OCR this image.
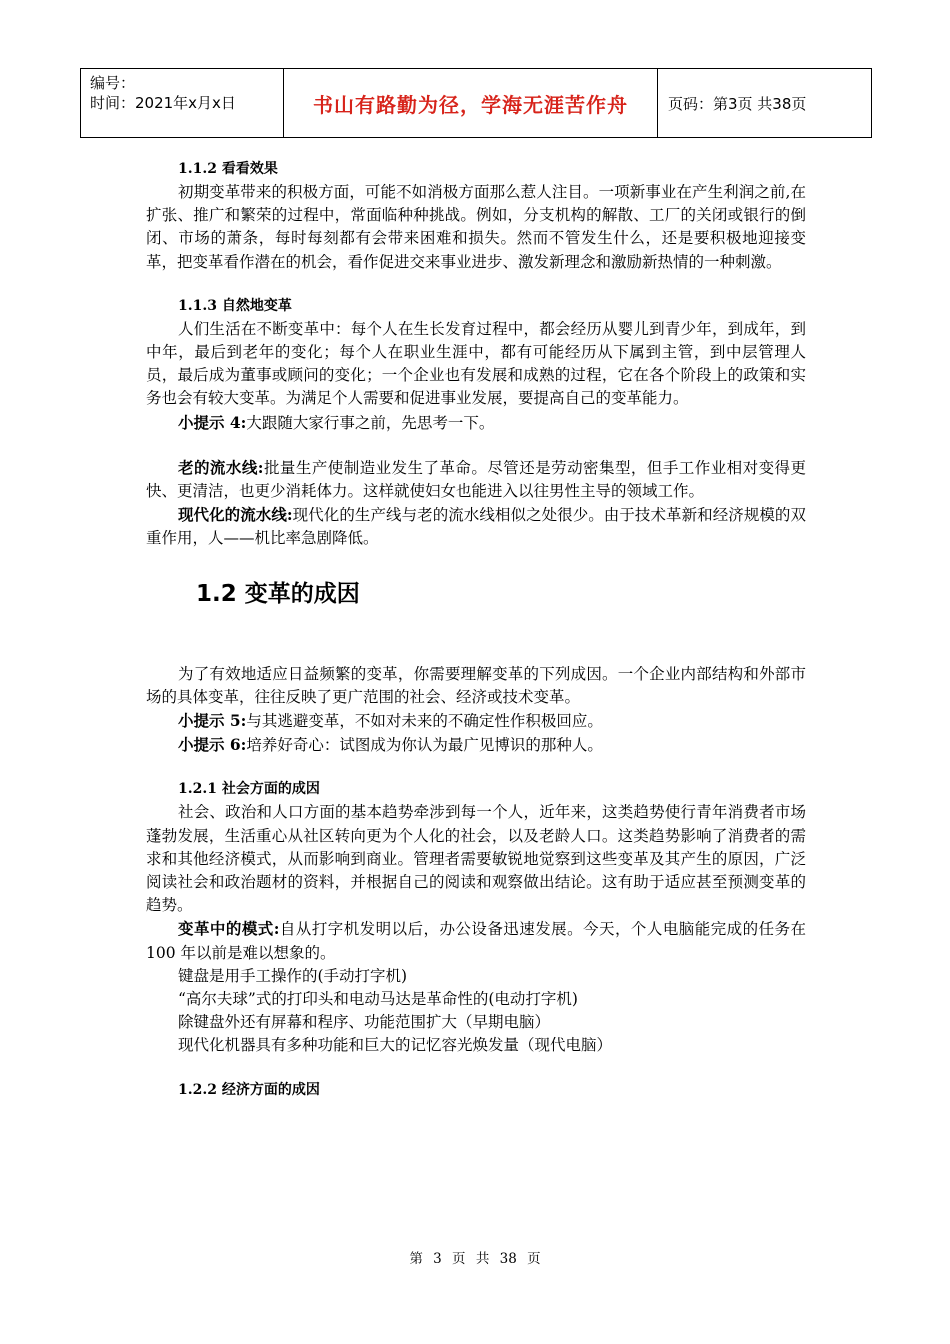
编号：
时间：2021年x月x日	书山有路勤为径，学海无涯苦作舟	页码：第3页 共38页

1.1.2 看看效果

初期变革带来的积极方面，可能不如消极方面那么惹人注目。一项新事业在产生利润之前,在扩张、推广和繁荣的过程中，常面临种种挑战。例如，分支机构的解散、工厂的关闭或银行的倒闭、市场的萧条，每时每刻都有会带来困难和损失。然而不管发生什么，还是要积极地迎接变革，把变革看作潜在的机会，看作促进交来事业进步、激发新理念和激励新热情的一种刺激。

1.1.3 自然地变革

人们生活在不断变革中：每个人在生长发育过程中，都会经历从婴儿到青少年，到成年，到中年，最后到老年的变化；每个人在职业生涯中，都有可能经历从下属到主管，到中层管理人员，最后成为董事或顾问的变化；一个企业也有发展和成熟的过程，它在各个阶段上的政策和实务也会有较大变革。为满足个人需要和促进事业发展，要提高自己的变革能力。

小提示 4:大跟随大家行事之前，先思考一下。

老的流水线:批量生产使制造业发生了革命。尽管还是劳动密集型，但手工作业相对变得更快、更清洁，也更少消耗体力。这样就使妇女也能进入以往男性主导的领域工作。

现代化的流水线:现代化的生产线与老的流水线相似之处很少。由于技术革新和经济规模的双重作用，人——机比率急剧降低。

1.2 变革的成因

为了有效地适应日益频繁的变革，你需要理解变革的下列成因。一个企业内部结构和外部市场的具体变革，往往反映了更广范围的社会、经济或技术变革。

小提示 5:与其逃避变革，不如对未来的不确定性作积极回应。

小提示 6:培养好奇心：试图成为你认为最广见博识的那种人。

1.2.1 社会方面的成因

社会、政治和人口方面的基本趋势牵涉到每一个人，近年来，这类趋势使行青年消费者市场蓬勃发展，生活重心从社区转向更为个人化的社会，以及老龄人口。这类趋势影响了消费者的需求和其他经济模式，从而影响到商业。管理者需要敏锐地觉察到这些变革及其产生的原因，广泛阅读社会和政治题材的资料，并根据自己的阅读和观察做出结论。这有助于适应甚至预测变革的趋势。

变革中的模式:自从打字机发明以后，办公设备迅速发展。今天，个人电脑能完成的任务在 100 年以前是难以想象的。

键盘是用手工操作的(手动打字机)

“高尔夫球”式的打印头和电动马达是革命性的(电动打字机)

除键盘外还有屏幕和程序、功能范围扩大（早期电脑）

现代化机器具有多种功能和巨大的记忆容光焕发量（现代电脑）

1.2.2 经济方面的成因

第 3 页 共 38 页
